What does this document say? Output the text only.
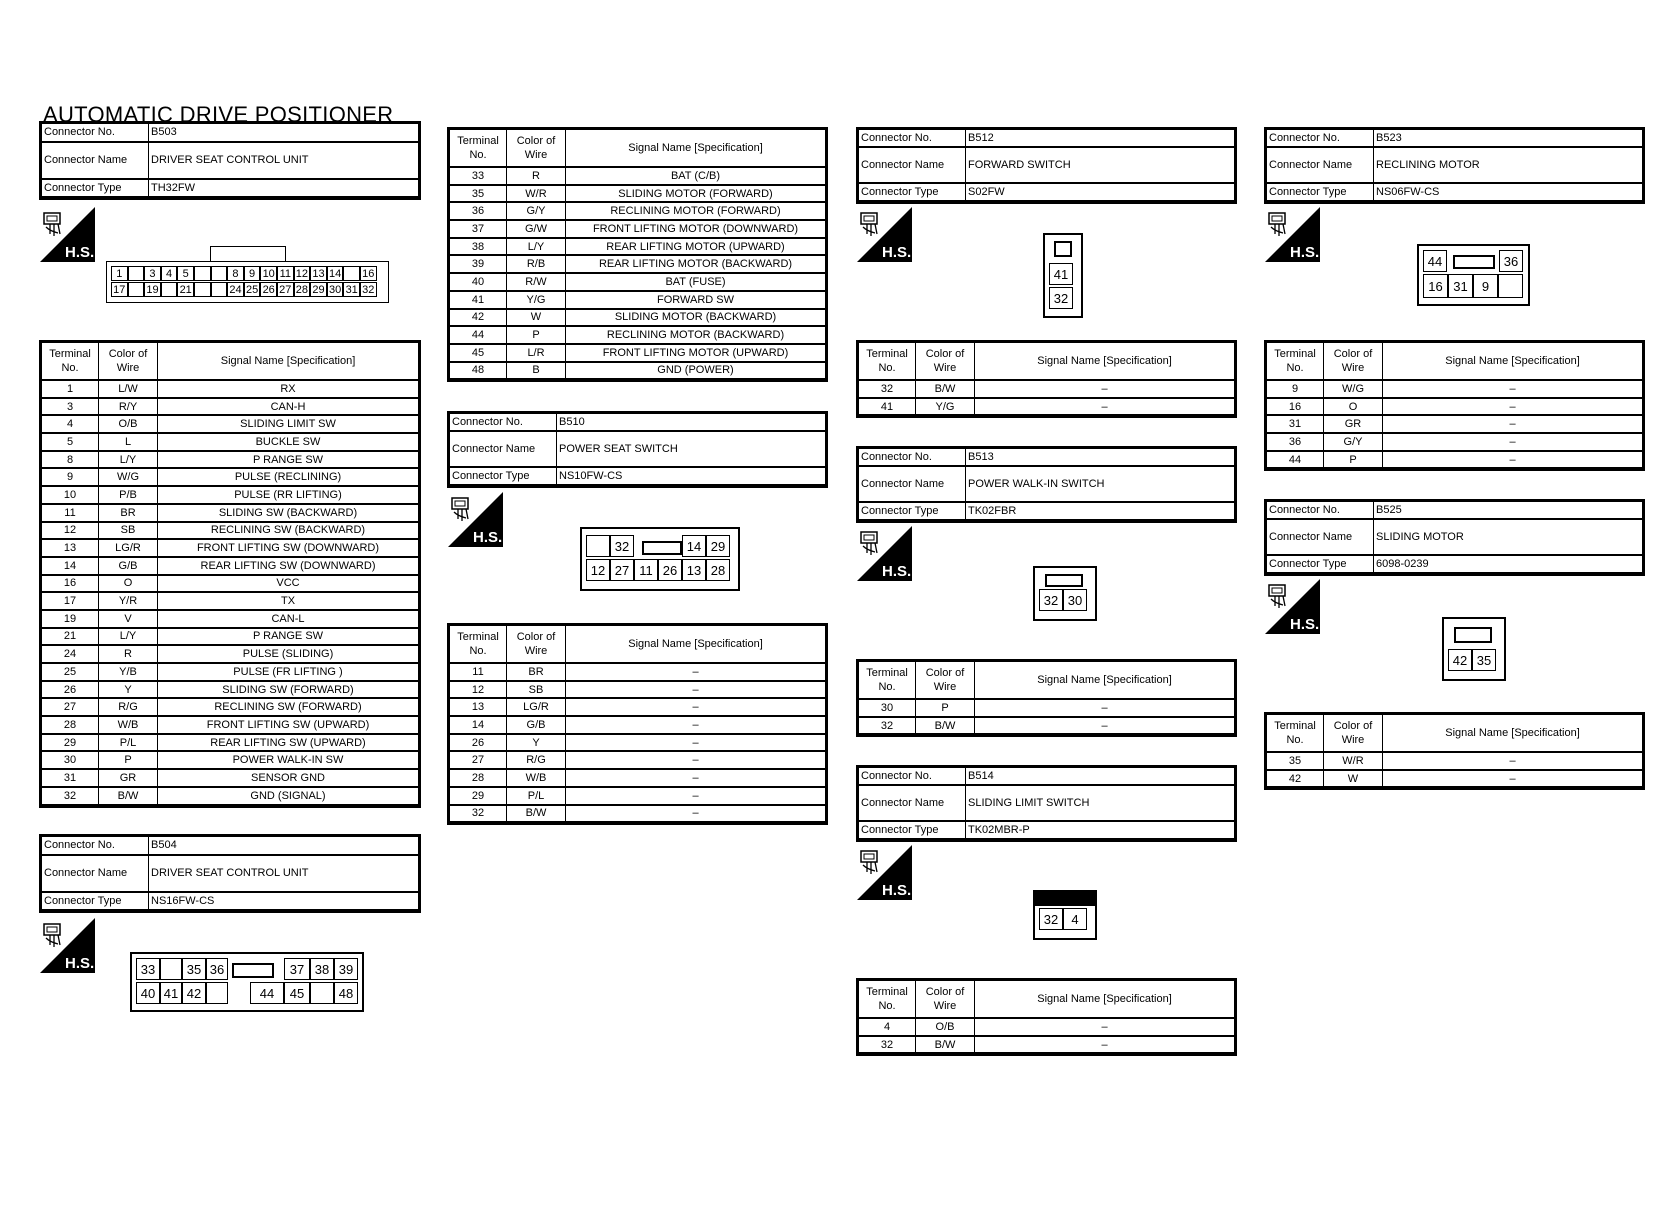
AUTOMATIC DRIVE POSITIONER
Connector No.	B503
Connector Name	DRIVER SEAT CONTROL UNIT
Connector Type	TH32FW
H.S.
1	3 4 5	8 9 10 11 12 13 14 16
17 19 21	24 25 26 27 28 29 30 31 32
Terminal No.	Color of Wire	Signal Name [Specification]
1	L/W	RX
3	R/Y	CAN-H
4	O/B	SLIDING LIMIT SW
5	L	BUCKLE SW
8	L/Y	P RANGE SW
9	W/G	PULSE (RECLINING)
10	P/B	PULSE (RR LIFTING)
11	BR	SLIDING SW (BACKWARD)
12	SB	RECLINING SW (BACKWARD)
13	LG/R	FRONT LIFTING SW (DOWNWARD)
14	G/B	REAR LIFTING SW (DOWNWARD)
16	O	VCC
17	Y/R	TX
19	V	CAN-L
21	L/Y	P RANGE SW
24	R	PULSE (SLIDING)
25	Y/B	PULSE (FR LIFTING )
26	Y	SLIDING SW (FORWARD)
27	R/G	RECLINING SW (FORWARD)
28	W/B	FRONT LIFTING SW (UPWARD)
29	P/L	REAR LIFTING SW (UPWARD)
30	P	POWER WALK-IN SW
31	GR	SENSOR GND
32	B/W	GND (SIGNAL)
Connector No.	B504
Connector Name	DRIVER SEAT CONTROL UNIT
Connector Type	NS16FW-CS
H.S.	33	35 36	37 38 39
40 41 42	44	45	48
Terminal No.	Color of Wire	Signal Name [Specification]
33	R	BAT (C/B)
35	W/R	SLIDING MOTOR (FORWARD)
36	G/Y	RECLINING MOTOR (FORWARD)
37	G/W	FRONT LIFTING MOTOR (DOWNWARD)
38	L/Y	REAR LIFTING MOTOR (UPWARD)
39	R/B	REAR LIFTING MOTOR (BACKWARD)
40	R/W	BAT (FUSE)
41	Y/G	FORWARD SW
42	W	SLIDING MOTOR (BACKWARD)
44	P	RECLINING MOTOR (BACKWARD)
45	L/R	FRONT LIFTING MOTOR (UPWARD)
48	B	GND (POWER)
Connector No.	B510
Connector Name	POWER SEAT SWITCH
Connector Type	NS10FW-CS
H.S.
32	14 29
12 27 11 26 13 28
Terminal No.	Color of Wire	Signal Name [Specification]
11	BR	–
12	SB	–
13	LG/R	–
14	G/B	–
26	Y	–
27	R/G	–
28	W/B	–
29	P/L	–
32	B/W	–
Connector No.	B512
Connector Name	FORWARD SWITCH
Connector Type	S02FW
H.S.
41
32
Terminal No.	Color of Wire	Signal Name [Specification]
32	B/W	–
41	Y/G	–
Connector No.	B513
Connector Name	POWER WALK-IN SWITCH
Connector Type	TK02FBR
H.S.
32 30
Terminal No.	Color of Wire	Signal Name [Specification]
30	P	–
32	B/W	–
Connector No.	B514
Connector Name	SLIDING LIMIT SWITCH
Connector Type	TK02MBR-P
H.S.
32	4
Terminal No.	Color of Wire	Signal Name [Specification]
4	O/B	–
32	B/W	–
Connector No.	B523
Connector Name	RECLINING MOTOR
Connector Type	NS06FW-CS
H.S.
44	36
16 31	9
Terminal No.	Color of Wire	Signal Name [Specification]
9	W/G	–
16	O	–
31	GR	–
36	G/Y	–
44	P	–
Connector No.	B525
Connector Name	SLIDING MOTOR
Connector Type	6098-0239
H.S.
42 35
Terminal No.	Color of Wire	Signal Name [Specification]
35	W/R	–
42	W	–
